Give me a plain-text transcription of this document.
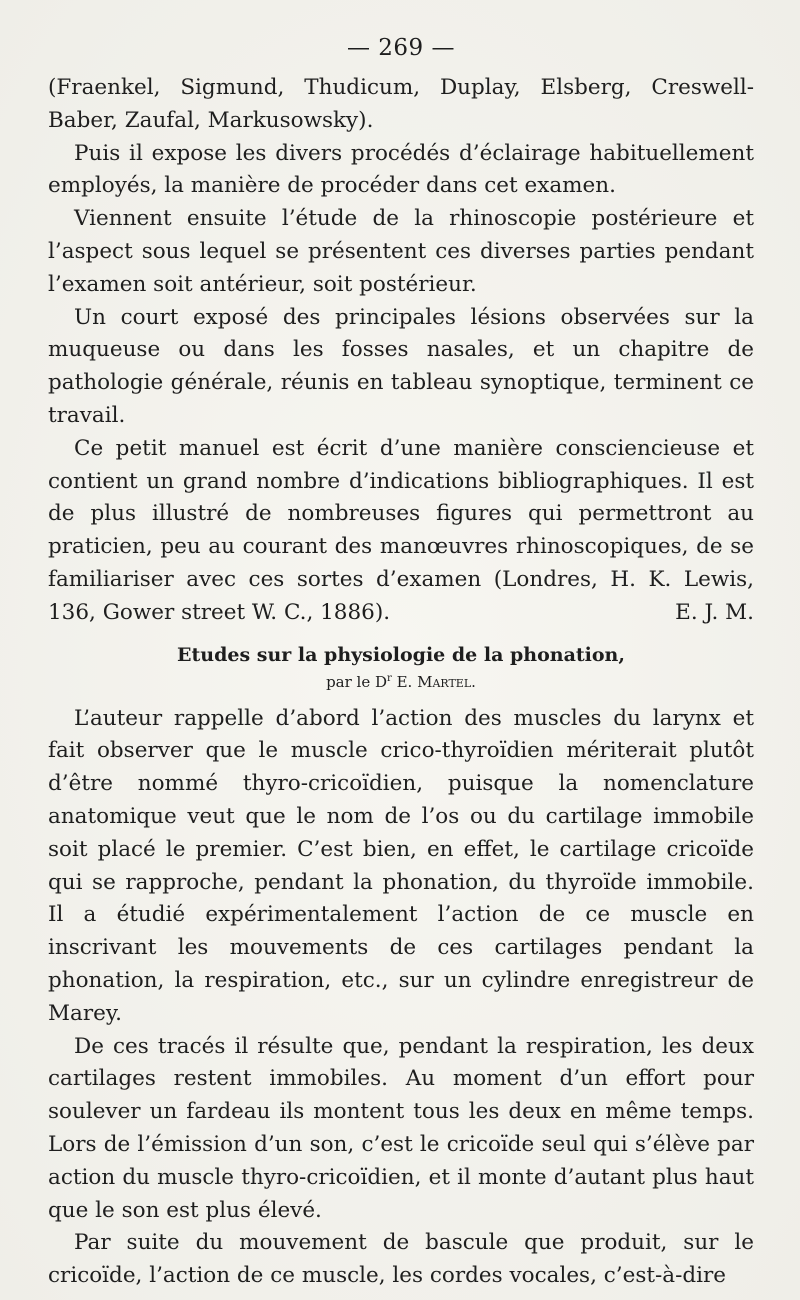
— 269 —

(Fraenkel, Sigmund, Thudicum, Duplay, Elsberg, Creswell-Baber, Zaufal, Markusowsky).

Puis il expose les divers procédés d’éclairage habituellement employés, la manière de procéder dans cet examen.

Viennent ensuite l’étude de la rhinoscopie postérieure et l’aspect sous lequel se présentent ces diverses parties pendant l’examen soit antérieur, soit postérieur.

Un court exposé des principales lésions observées sur la muqueuse ou dans les fosses nasales, et un chapitre de pathologie générale, réunis en tableau synoptique, terminent ce travail.

Ce petit manuel est écrit d’une manière consciencieuse et contient un grand nombre d’indications bibliographiques. Il est de plus illustré de nombreuses figures qui permettront au praticien, peu au courant des manœuvres rhinoscopiques, de se familiariser avec ces sortes d’examen (Londres, H. K. Lewis, 136, Gower street W. C., 1886).	E. J. M.

Etudes sur la physiologie de la phonation,
par le $D^r$ E. Martel.

L’auteur rappelle d’abord l’action des muscles du larynx et fait observer que le muscle crico-thyroïdien mériterait plutôt d’être nommé thyro-cricoïdien, puisque la nomenclature anatomique veut que le nom de l’os ou du cartilage immobile soit placé le premier. C’est bien, en effet, le cartilage cricoïde qui se rapproche, pendant la phonation, du thyroïde immobile. Il a étudié expérimentalement l’action de ce muscle en inscrivant les mouvements de ces cartilages pendant la phonation, la respiration, etc., sur un cylindre enregistreur de Marey.

De ces tracés il résulte que, pendant la respiration, les deux cartilages restent immobiles. Au moment d’un effort pour soulever un fardeau ils montent tous les deux en même temps. Lors de l’émission d’un son, c’est le cricoïde seul qui s’élève par action du muscle thyro-cricoïdien, et il monte d’autant plus haut que le son est plus élevé.

Par suite du mouvement de bascule que produit, sur le cricoïde, l’action de ce muscle, les cordes vocales, c’est-à-dire
